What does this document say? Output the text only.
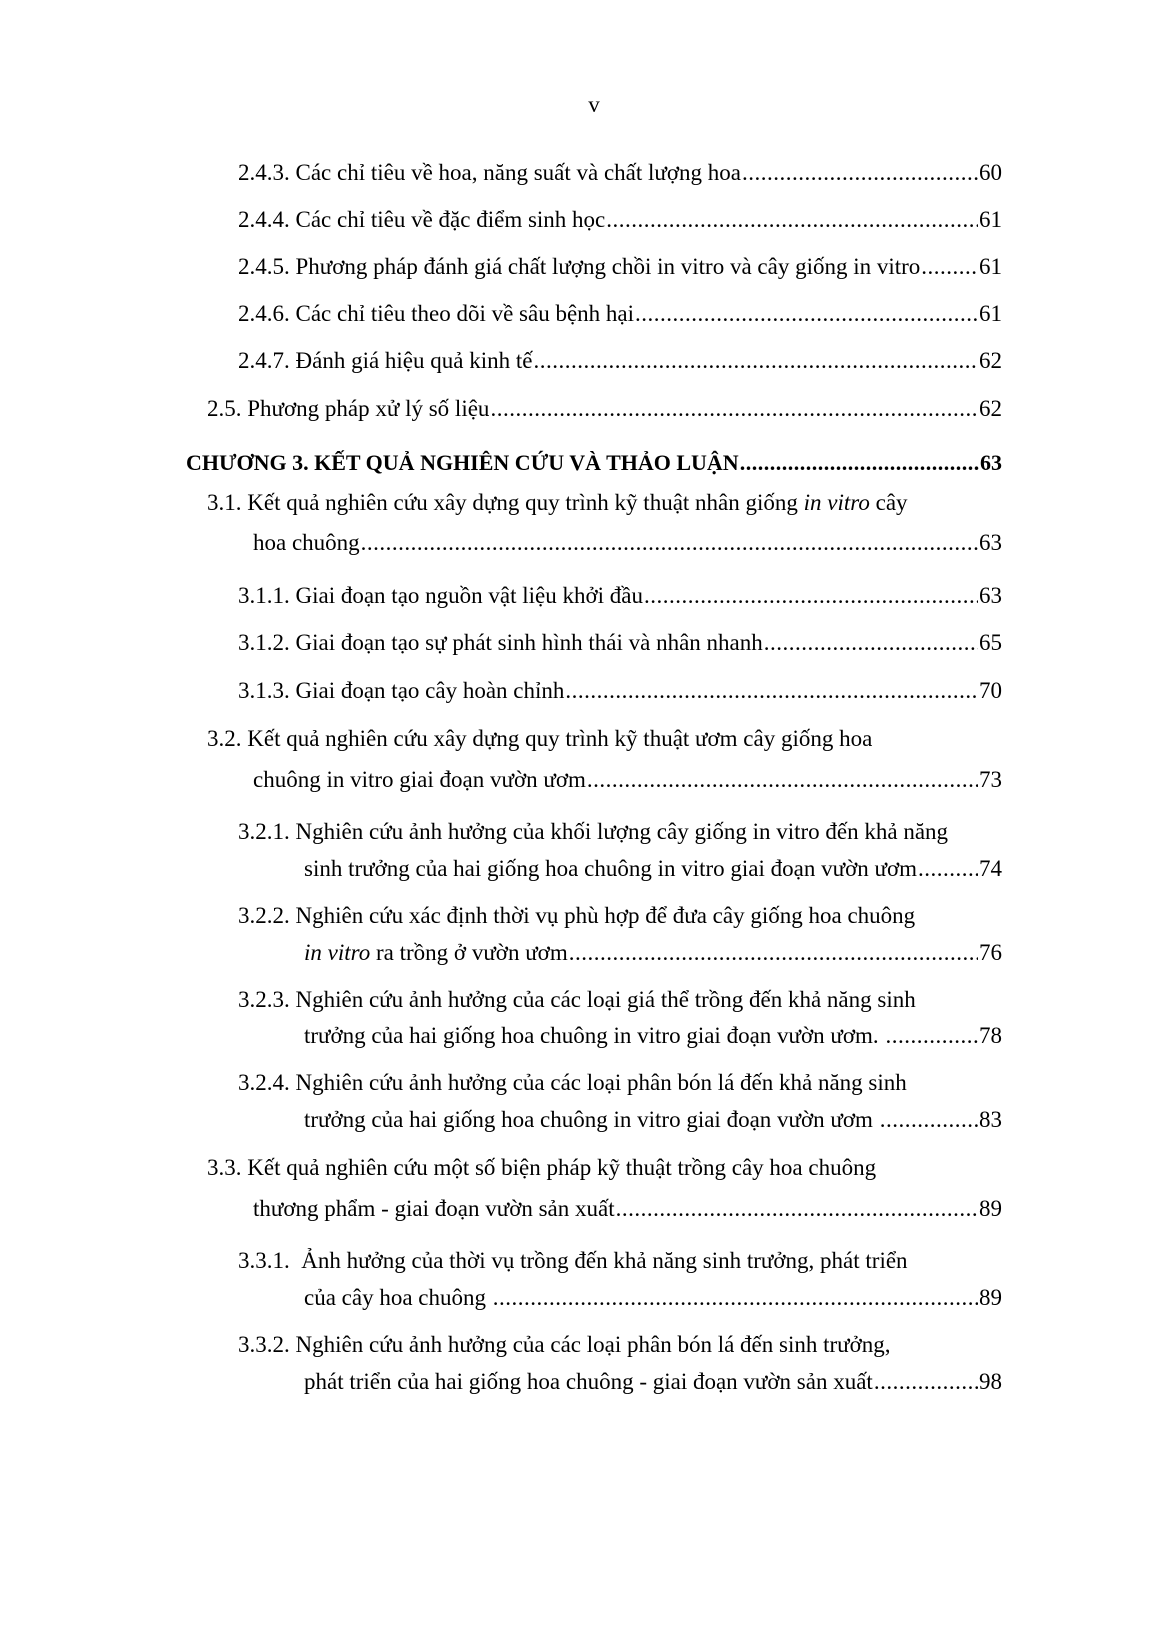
v
2.4.3. Các chỉ tiêu về hoa, năng suất và chất lượng hoa .....	60
2.4.4. Các chỉ tiêu về đặc điểm sinh học .....	61
2.4.5. Phương pháp đánh giá chất lượng chồi in vitro và cây giống in vitro .....	61
2.4.6. Các chỉ tiêu theo dõi về sâu bệnh hại .....	61
2.4.7. Đánh giá hiệu quả kinh tế .....	62
2.5. Phương pháp xử lý số liệu .....	62
CHƯƠNG 3. KẾT QUẢ NGHIÊN CỨU VÀ THẢO LUẬN .....	63
3.1. Kết quả nghiên cứu xây dựng quy trình kỹ thuật nhân giống in vitro cây
hoa chuông .....	63
3.1.1. Giai đoạn tạo nguồn vật liệu khởi đầu .....	63
3.1.2. Giai đoạn tạo sự phát sinh hình thái và nhân nhanh .....	65
3.1.3. Giai đoạn tạo cây hoàn chỉnh .....	70
3.2. Kết quả nghiên cứu xây dựng quy trình kỹ thuật ươm cây giống hoa
chuông in vitro giai đoạn vườn ươm .....	73
3.2.1. Nghiên cứu ảnh hưởng của khối lượng cây giống in vitro đến khả năng
sinh trưởng của hai giống hoa chuông in vitro giai đoạn vườn ươm .....	74
3.2.2. Nghiên cứu xác định thời vụ phù hợp để đưa cây giống hoa chuông
in vitro ra trồng ở vườn ươm .....	76
3.2.3. Nghiên cứu ảnh hưởng của các loại giá thể trồng đến khả năng sinh
trưởng của hai giống hoa chuông in vitro giai đoạn vườn ươm. .....	78
3.2.4. Nghiên cứu ảnh hưởng của các loại phân bón lá đến khả năng sinh
trưởng của hai giống hoa chuông in vitro giai đoạn vườn ươm .....	83
3.3. Kết quả nghiên cứu một số biện pháp kỹ thuật trồng cây hoa chuông
thương phẩm - giai đoạn vườn sản xuất .....	89
3.3.1.  Ảnh hưởng của thời vụ trồng đến khả năng sinh trưởng, phát triển
của cây hoa chuông .....	89
3.3.2. Nghiên cứu ảnh hưởng của các loại phân bón lá đến sinh trưởng,
phát triển của hai giống hoa chuông - giai đoạn vườn sản xuất .....	98
